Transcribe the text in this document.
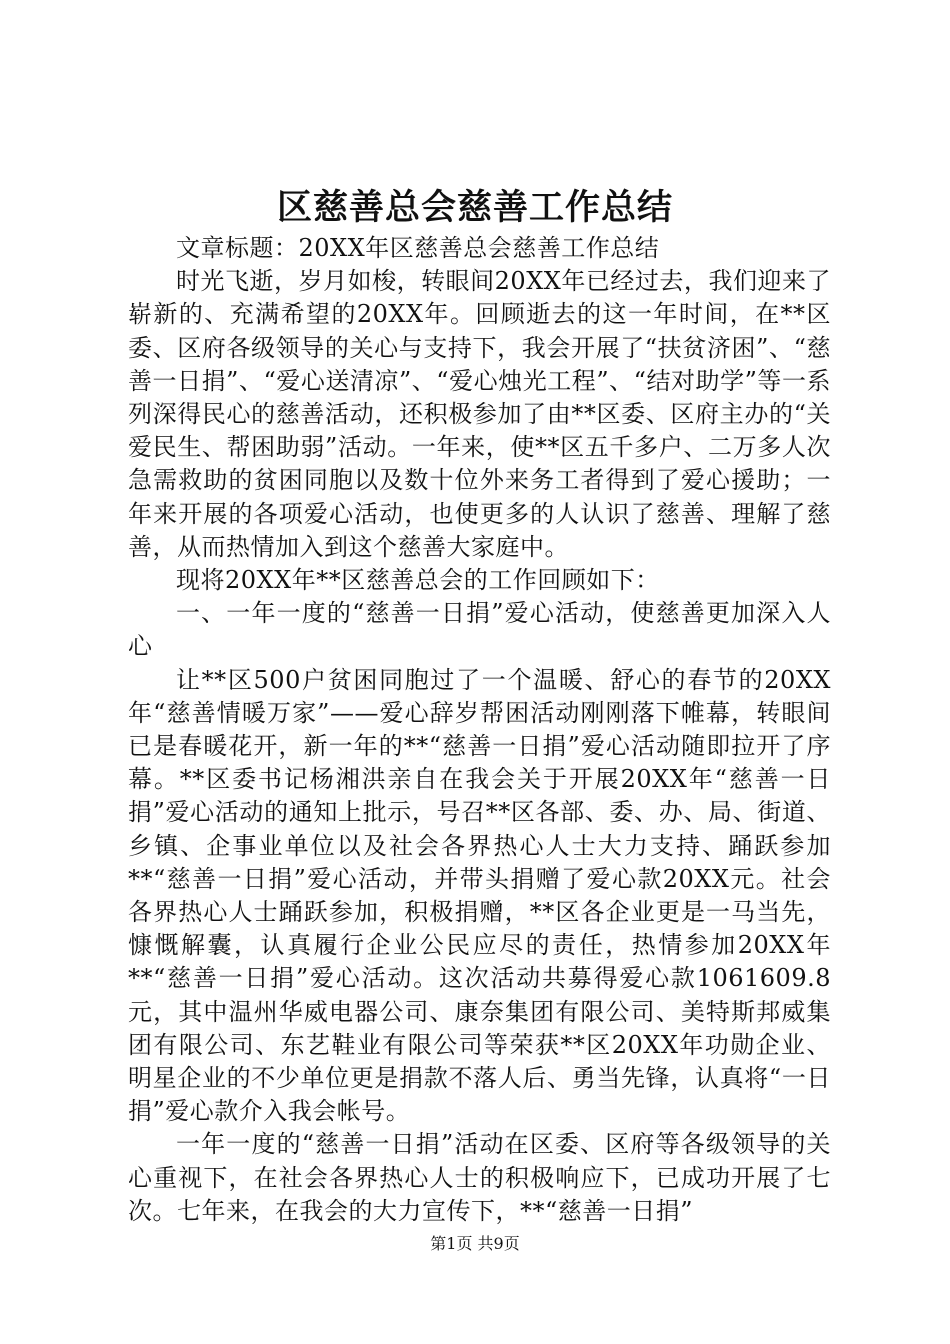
区慈善总会慈善工作总结

文章标题：20XX年区慈善总会慈善工作总结

时光飞逝，岁月如梭，转眼间20XX年已经过去，我们迎来了崭新的、充满希望的20XX年。回顾逝去的这一年时间，在**区委、区府各级领导的关心与支持下，我会开展了“扶贫济困”、“慈善一日捐”、“爱心送清凉”、“爱心烛光工程”、“结对助学”等一系列深得民心的慈善活动，还积极参加了由**区委、区府主办的“关爱民生、帮困助弱”活动。一年来，使**区五千多户、二万多人次急需救助的贫困同胞以及数十位外来务工者得到了爱心援助；一年来开展的各项爱心活动，也使更多的人认识了慈善、理解了慈善，从而热情加入到这个慈善大家庭中。

现将20XX年**区慈善总会的工作回顾如下：

一、一年一度的“慈善一日捐”爱心活动，使慈善更加深入人心

让**区500户贫困同胞过了一个温暖、舒心的春节的20XX年“慈善情暖万家”——爱心辞岁帮困活动刚刚落下帷幕，转眼间已是春暖花开，新一年的**“慈善一日捐”爱心活动随即拉开了序幕。**区委书记杨湘洪亲自在我会关于开展20XX年“慈善一日捐”爱心活动的通知上批示，号召**区各部、委、办、局、街道、乡镇、企事业单位以及社会各界热心人士大力支持、踊跃参加**“慈善一日捐”爱心活动，并带头捐赠了爱心款20XX元。社会各界热心人士踊跃参加，积极捐赠，**区各企业更是一马当先，慷慨解囊，认真履行企业公民应尽的责任，热情参加20XX年**“慈善一日捐”爱心活动。这次活动共募得爱心款1061609.8元，其中温州华威电器公司、康奈集团有限公司、美特斯邦威集团有限公司、东艺鞋业有限公司等荣获**区20XX年功勋企业、明星企业的不少单位更是捐款不落人后、勇当先锋，认真将“一日捐”爱心款介入我会帐号。

一年一度的“慈善一日捐”活动在区委、区府等各级领导的关心重视下，在社会各界热心人士的积极响应下，已成功开展了七次。七年来，在我会的大力宣传下，**“慈善一日捐”

第1页 共9页
